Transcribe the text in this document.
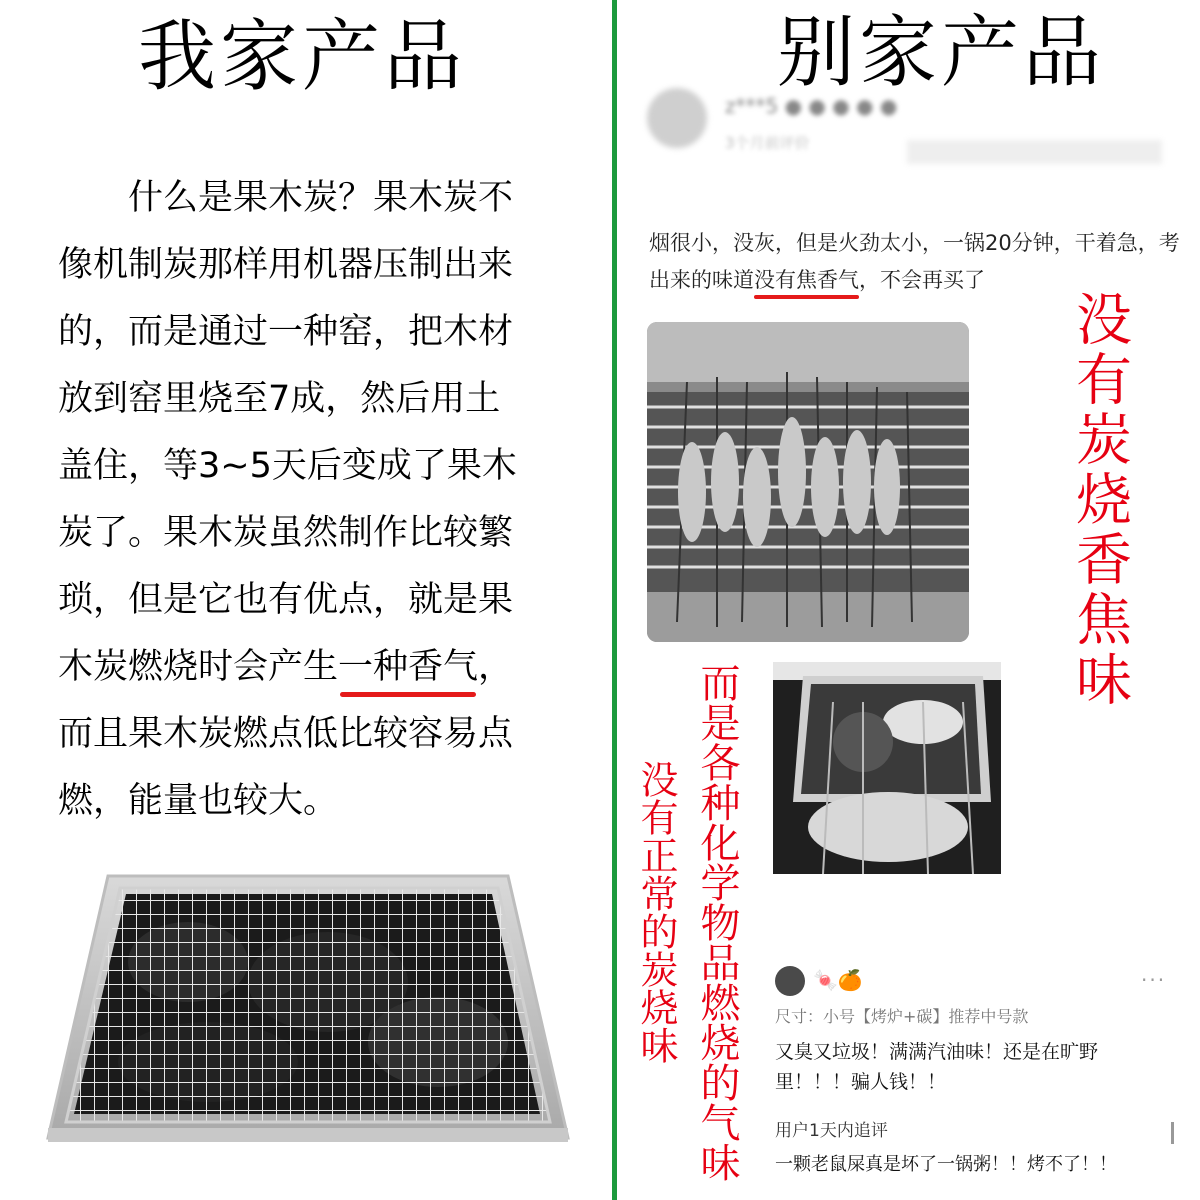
我家产品
　　什么是果木炭？果木炭不
像机制炭那样用机器压制出来
的，而是通过一种窑，把木材
放到窑里烧至7成，然后用土
盖住，等3~5天后变成了果木
炭了。果木炭虽然制作比较繁
琐，但是它也有优点，就是果
木炭燃烧时会产生一种香气，
而且果木炭燃点低比较容易点
燃，能量也较大。
别家产品
z***5 ● ● ● ● ●
3个月前评价
烟很小，没灰，但是火劲太小，一锅20分钟，干着急，考
出来的味道没有焦香气，不会再买了
没有炭烧香焦味
而是各种化学物品燃烧的气味
没有正常的炭烧味	🍬🍊	···
尺寸：小号【烤炉+碳】推荐中号款
又臭又垃圾！满满汽油味！还是在旷野
里！！！骗人钱！！
用户1天内追评
一颗老鼠屎真是坏了一锅粥！！烤不了！！
